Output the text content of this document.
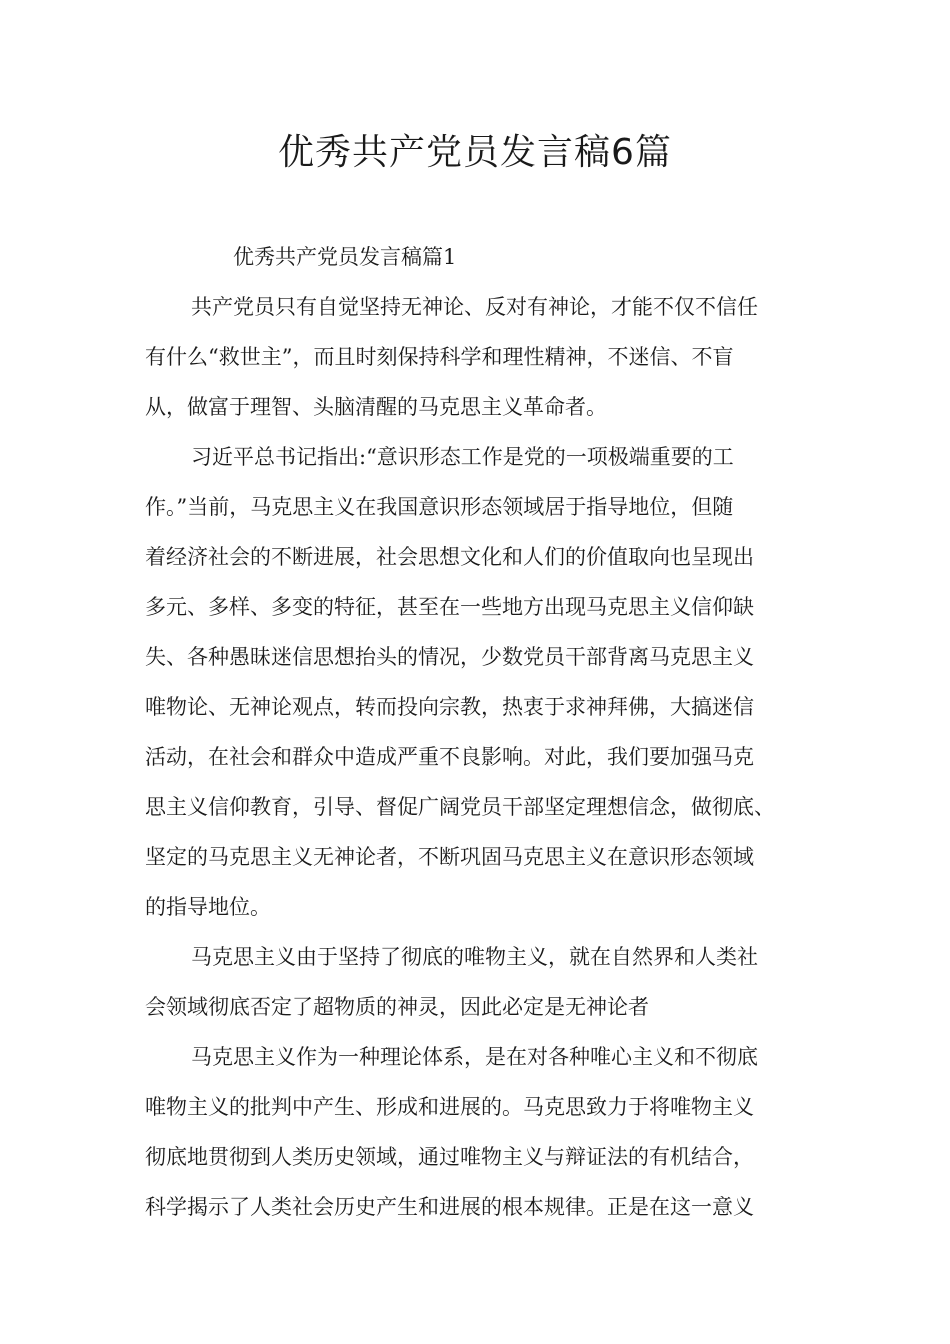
优秀共产党员发言稿6篇
优秀共产党员发言稿篇1
共产党员只有自觉坚持无神论、反对有神论，才能不仅不信任
有什么“救世主”，而且时刻保持科学和理性精神，不迷信、不盲
从，做富于理智、头脑清醒的马克思主义革命者。
习近平总书记指出:“意识形态工作是党的一项极端重要的工
作。”当前，马克思主义在我国意识形态领域居于指导地位，但随
着经济社会的不断进展，社会思想文化和人们的价值取向也呈现出
多元、多样、多变的特征，甚至在一些地方出现马克思主义信仰缺
失、各种愚昧迷信思想抬头的情况，少数党员干部背离马克思主义
唯物论、无神论观点，转而投向宗教，热衷于求神拜佛，大搞迷信
活动，在社会和群众中造成严重不良影响。对此，我们要加强马克
思主义信仰教育，引导、督促广阔党员干部坚定理想信念，做彻底、
坚定的马克思主义无神论者，不断巩固马克思主义在意识形态领域
的指导地位。
马克思主义由于坚持了彻底的唯物主义，就在自然界和人类社
会领域彻底否定了超物质的神灵，因此必定是无神论者
马克思主义作为一种理论体系，是在对各种唯心主义和不彻底
唯物主义的批判中产生、形成和进展的。马克思致力于将唯物主义
彻底地贯彻到人类历史领域，通过唯物主义与辩证法的有机结合，
科学揭示了人类社会历史产生和进展的根本规律。正是在这一意义
